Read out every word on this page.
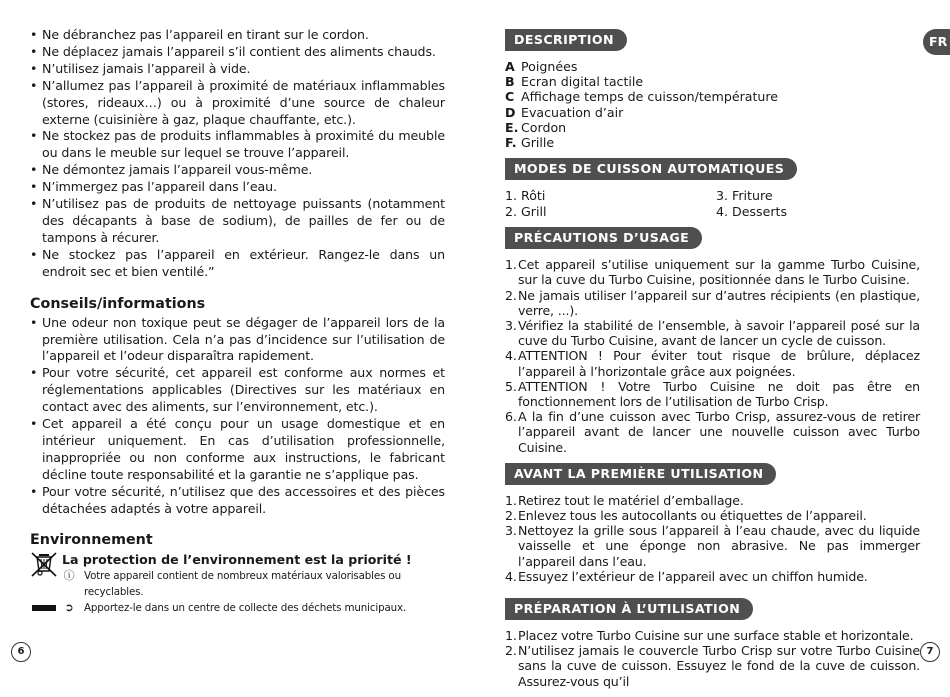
• Ne débranchez pas l’appareil en tirant sur le cordon.
• Ne déplacez jamais l’appareil s’il contient des aliments chauds.
• N’utilisez jamais l’appareil à vide.
• N’allumez pas l’appareil à proximité de matériaux inflammables (stores, rideaux…) ou à proximité d’une source de chaleur externe (cuisinière à gaz, plaque chauffante, etc.).
• Ne stockez pas de produits inflammables à proximité du meuble ou dans le meuble sur lequel se trouve l’appareil.
• Ne démontez jamais l’appareil vous-même.
• N’immergez pas l’appareil dans l’eau.
• N’utilisez pas de produits de nettoyage puissants (notamment des décapants à base de sodium), de pailles de fer ou de tampons à récurer.
• Ne stockez pas l’appareil en extérieur. Rangez-le dans un endroit sec et bien ventilé.”
Conseils/informations
• Une odeur non toxique peut se dégager de l’appareil lors de la première utilisation. Cela n’a pas d’incidence sur l’utilisation de l’appareil et l’odeur disparaîtra rapidement.
• Pour votre sécurité, cet appareil est conforme aux normes et réglementations applicables (Directives sur les matériaux en contact avec des aliments, sur l’environnement, etc.).
• Cet appareil a été conçu pour un usage domestique et en intérieur uniquement. En cas d’utilisation professionnelle, inappropriée ou non conforme aux instructions, le fabricant décline toute responsabilité et la garantie ne s’applique pas.
• Pour votre sécurité, n’utilisez que des accessoires et des pièces détachées adaptés à votre appareil.
Environnement
La protection de l’environnement est la priorité !
ⓘ Votre appareil contient de nombreux matériaux valorisables ou recyclables.
➲ Apportez-le dans un centre de collecte des déchets municipaux.
6
DESCRIPTION
A Poignées
B Ecran digital tactile
C Affichage temps de cuisson/température
D Evacuation d’air
E. Cordon
F. Grille
MODES DE CUISSON AUTOMATIQUES
1. Rôti	3. Friture
2. Grill	4. Desserts
PRÉCAUTIONS D’USAGE
1. Cet appareil s’utilise uniquement sur la gamme Turbo Cuisine, sur la cuve du Turbo Cuisine, positionnée dans le Turbo Cuisine.
2. Ne jamais utiliser l’appareil sur d’autres récipients (en plastique, verre, ...).
3. Vérifiez la stabilité de l’ensemble, à savoir l’appareil posé sur la cuve du Turbo Cuisine, avant de lancer un cycle de cuisson.
4. ATTENTION ! Pour éviter tout risque de brûlure, déplacez l’appareil à l’horizontale grâce aux poignées.
5. ATTENTION ! Votre Turbo Cuisine ne doit pas être en fonctionnement lors de l’utilisation de Turbo Crisp.
6. A la fin d’une cuisson avec Turbo Crisp, assurez-vous de retirer l’appareil avant de lancer une nouvelle cuisson avec Turbo Cuisine.
AVANT LA PREMIÈRE UTILISATION
1. Retirez tout le matériel d’emballage.
2. Enlevez tous les autocollants ou étiquettes de l’appareil.
3. Nettoyez la grille sous l’appareil à l’eau chaude, avec du liquide vaisselle et une éponge non abrasive. Ne pas immerger l’appareil dans l’eau.
4. Essuyez l’extérieur de l’appareil avec un chiffon humide.
PRÉPARATION À L’UTILISATION
1. Placez votre Turbo Cuisine sur une surface stable et horizontale.
2. N’utilisez jamais le couvercle Turbo Crisp sur votre Turbo Cuisine sans la cuve de cuisson. Essuyez le fond de la cuve de cuisson. Assurez-vous qu’il
7
FR
